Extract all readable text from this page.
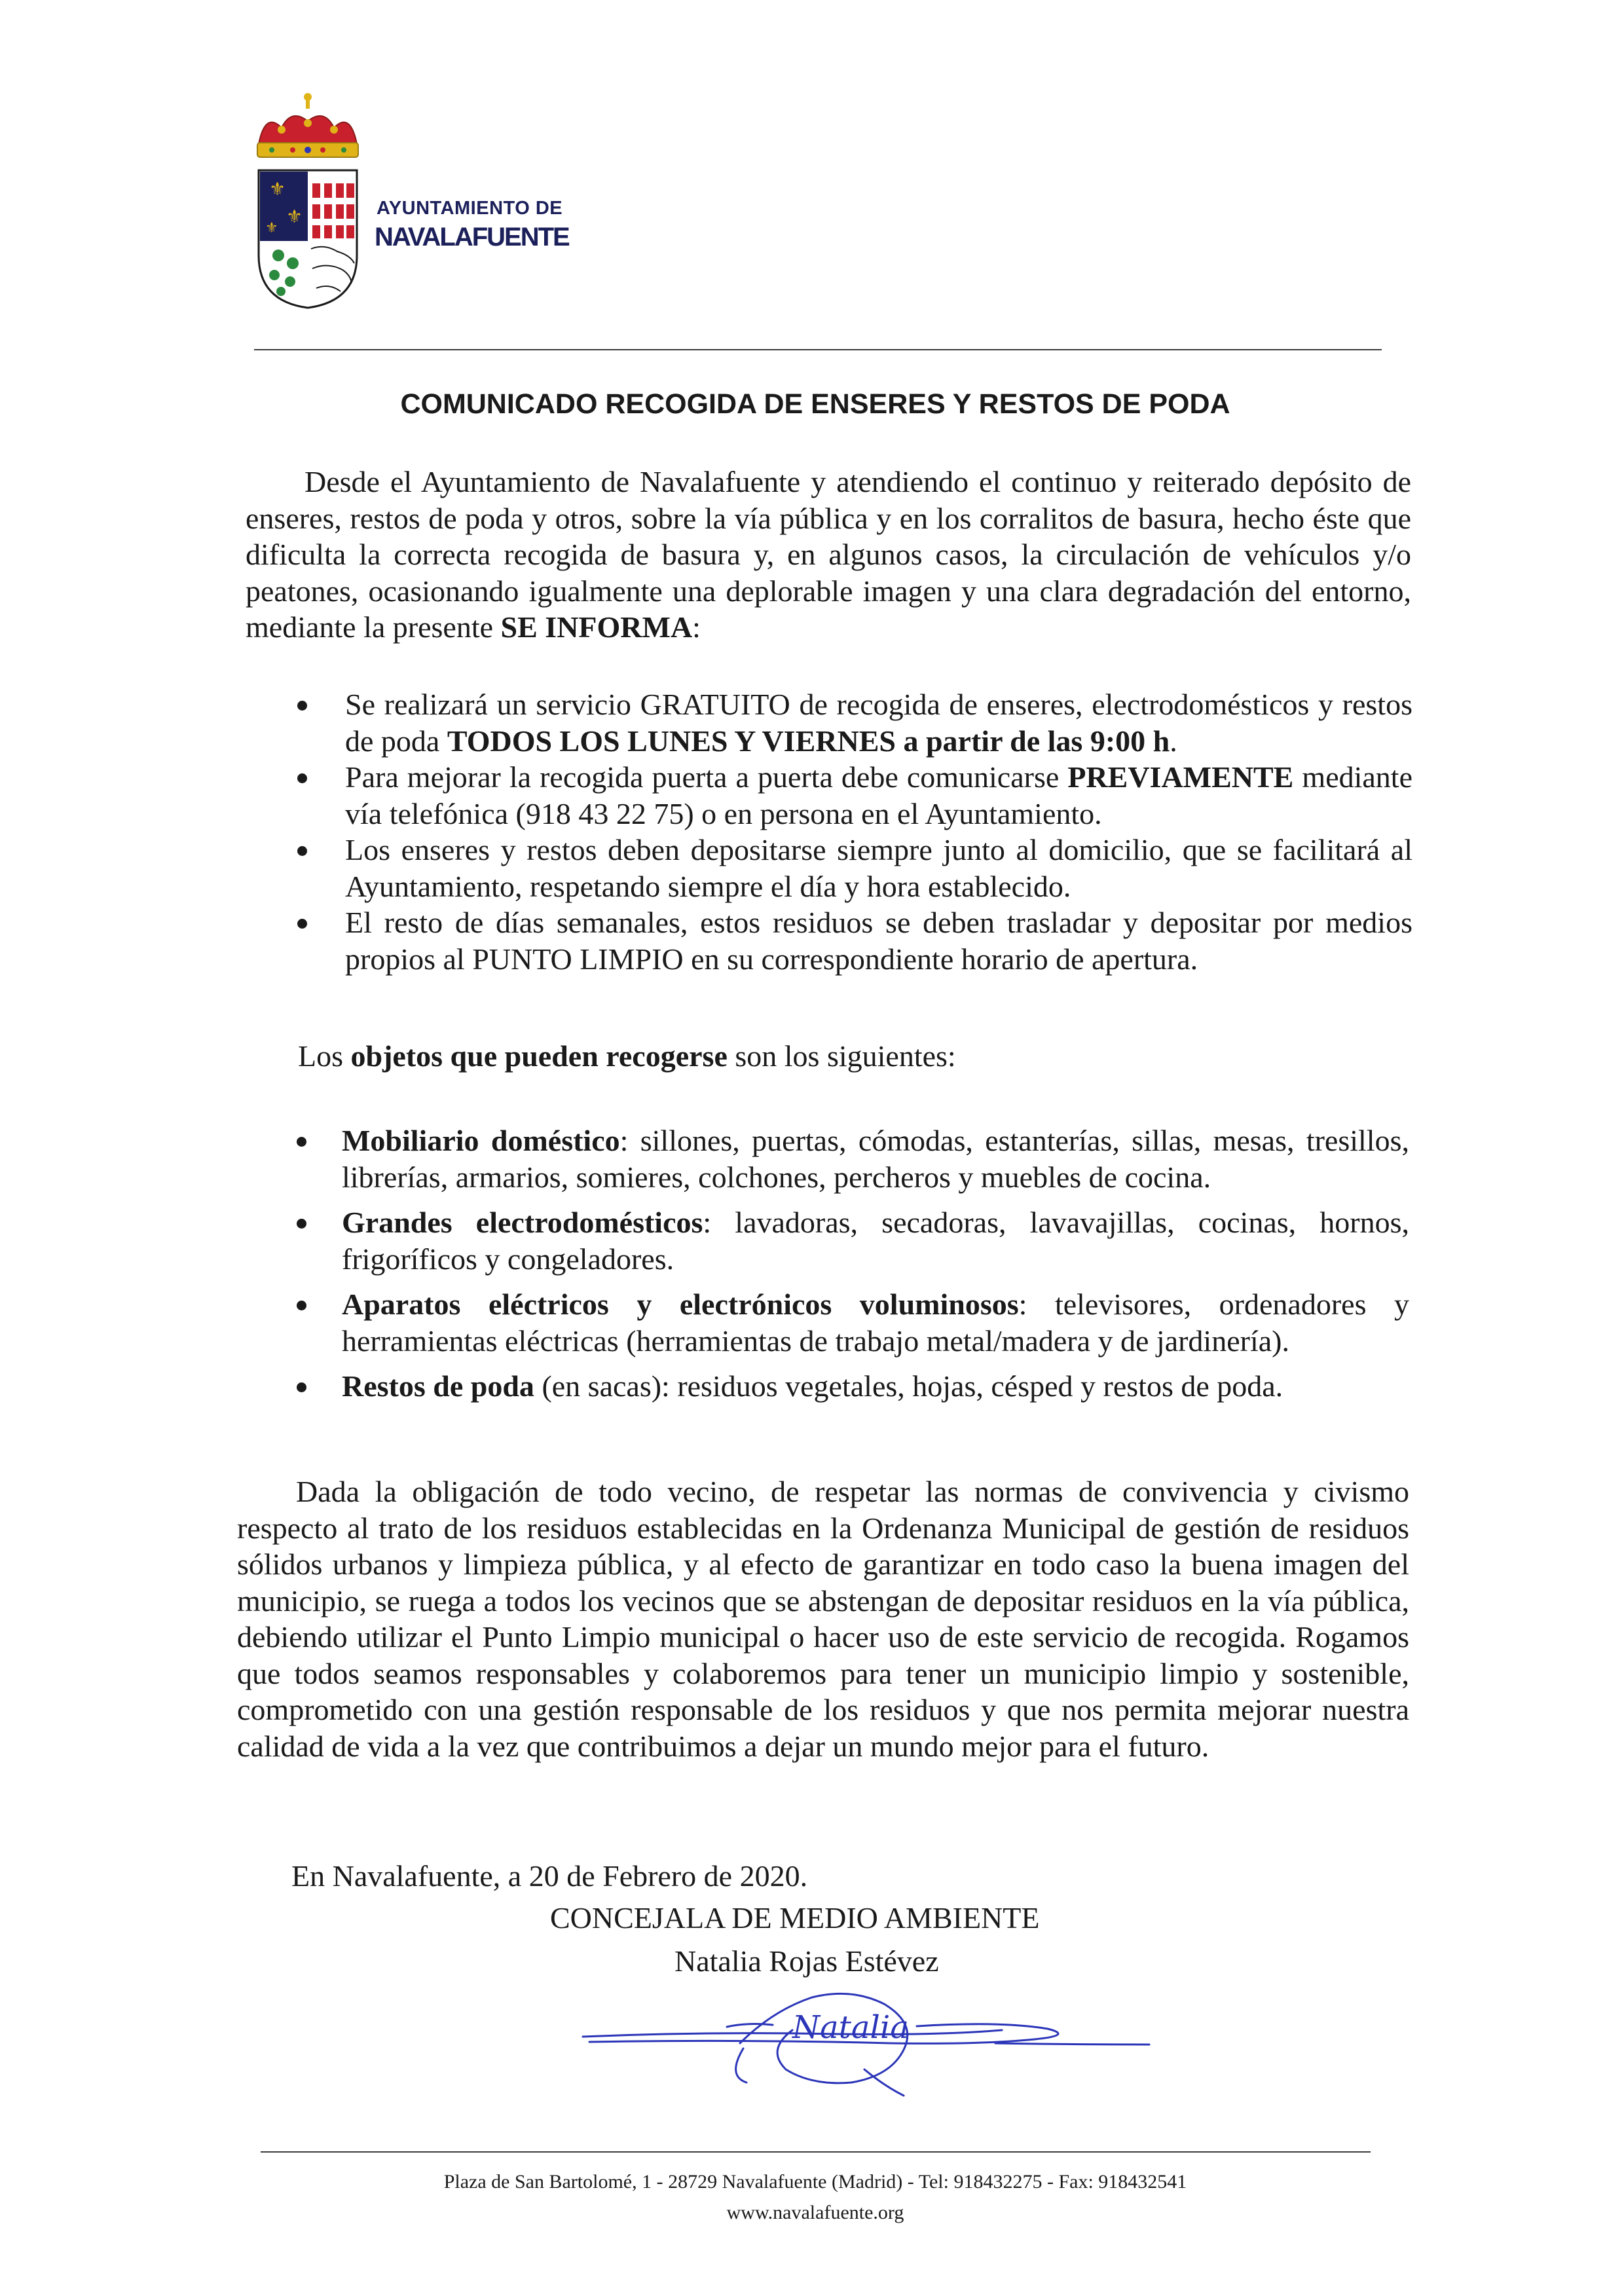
⚜
⚜
⚜
AYUNTAMIENTO DE
NAVALAFUENTE
COMUNICADO RECOGIDA DE ENSERES Y RESTOS DE PODA

Desde el Ayuntamiento de Navalafuente y atendiendo el continuo y reiterado depósito de enseres, restos de poda y otros, sobre la vía pública y en los corralitos de basura, hecho éste que dificulta la correcta recogida de basura y, en algunos casos, la circulación de vehículos y/o peatones, ocasionando igualmente una deplorable imagen y una clara degradación del entorno, mediante la presente SE INFORMA:

Se realizará un servicio GRATUITO de recogida de enseres, electrodomésticos y restos de poda TODOS LOS LUNES Y VIERNES a partir de las 9:00 h.
Para mejorar la recogida puerta a puerta debe comunicarse PREVIAMENTE mediante vía telefónica (918 43 22 75) o en persona en el Ayuntamiento.
Los enseres y restos deben depositarse siempre junto al domicilio, que se facilitará al Ayuntamiento, respetando siempre el día y hora establecido.
El resto de días semanales, estos residuos se deben trasladar y depositar por medios propios al PUNTO LIMPIO en su correspondiente horario de apertura.
Los objetos que pueden recogerse son los siguientes:
Mobiliario doméstico: sillones, puertas, cómodas, estanterías, sillas, mesas, tresillos, librerías, armarios, somieres, colchones, percheros y muebles de cocina.
Grandes electrodomésticos: lavadoras, secadoras, lavavajillas, cocinas, hornos, frigoríficos y congeladores.
Aparatos eléctricos y electrónicos voluminosos: televisores, ordenadores y herramientas eléctricas (herramientas de trabajo metal/madera y de jardinería).
Restos de poda (en sacas): residuos vegetales, hojas, césped y restos de poda.

Dada la obligación de todo vecino, de respetar las normas de convivencia y civismo respecto al trato de los residuos establecidas en la Ordenanza Municipal de gestión de residuos sólidos urbanos y limpieza pública, y al efecto de garantizar en todo caso la buena imagen del municipio, se ruega a todos los vecinos que se abstengan de depositar residuos en la vía pública, debiendo utilizar el Punto Limpio municipal o hacer uso de este servicio de recogida. Rogamos que todos seamos responsables y colaboremos para tener un municipio limpio y sostenible, comprometido con una gestión responsable de los residuos y que nos permita mejorar nuestra calidad de vida a la vez que contribuimos a dejar un mundo mejor para el futuro.

En Navalafuente, a 20 de Febrero de 2020.
CONCEJALA DE MEDIO AMBIENTE
Natalia Rojas Estévez
Natalia
Plaza de San Bartolomé, 1 - 28729 Navalafuente (Madrid) - Tel: 918432275 - Fax: 918432541
www.navalafuente.org
